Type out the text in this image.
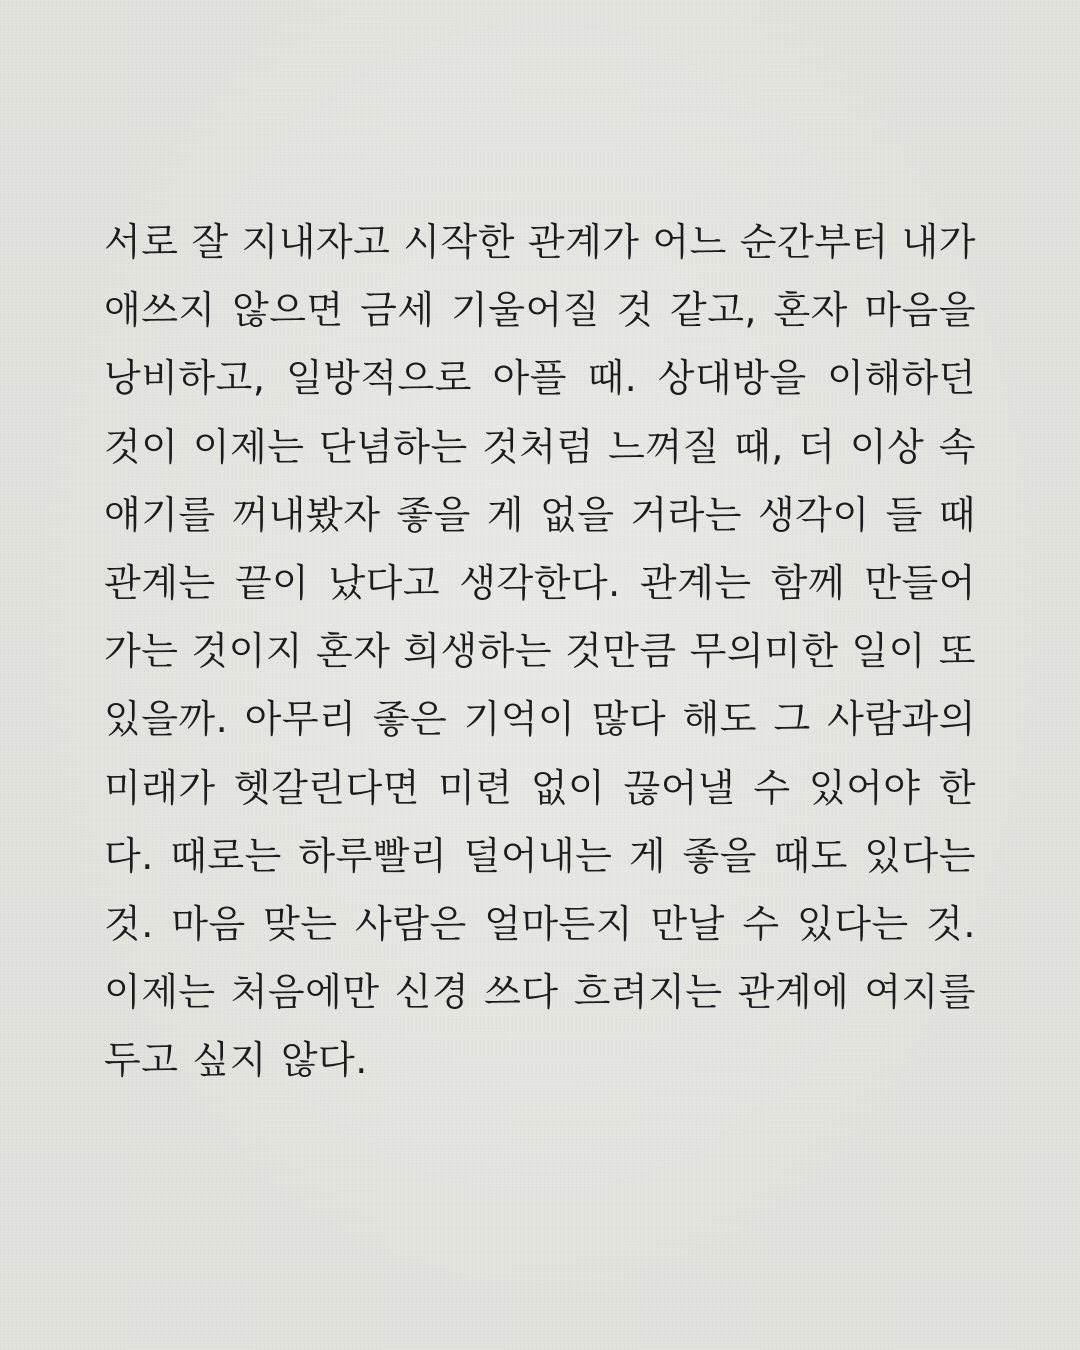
서로 잘 지내자고 시작한 관계가 어느 순간부터 내가
애쓰지 않으면 금세 기울어질 것 같고, 혼자 마음을
낭비하고, 일방적으로 아플 때. 상대방을 이해하던
것이 이제는 단념하는 것처럼 느껴질 때, 더 이상 속
얘기를 꺼내봤자 좋을 게 없을 거라는 생각이 들 때
관계는 끝이 났다고 생각한다. 관계는 함께 만들어
가는 것이지 혼자 희생하는 것만큼 무의미한 일이 또
있을까. 아무리 좋은 기억이 많다 해도 그 사람과의
미래가 헷갈린다면 미련 없이 끊어낼 수 있어야 한
다. 때로는 하루빨리 덜어내는 게 좋을 때도 있다는
것. 마음 맞는 사람은 얼마든지 만날 수 있다는 것.
이제는 처음에만 신경 쓰다 흐려지는 관계에 여지를
두고 싶지 않다.
